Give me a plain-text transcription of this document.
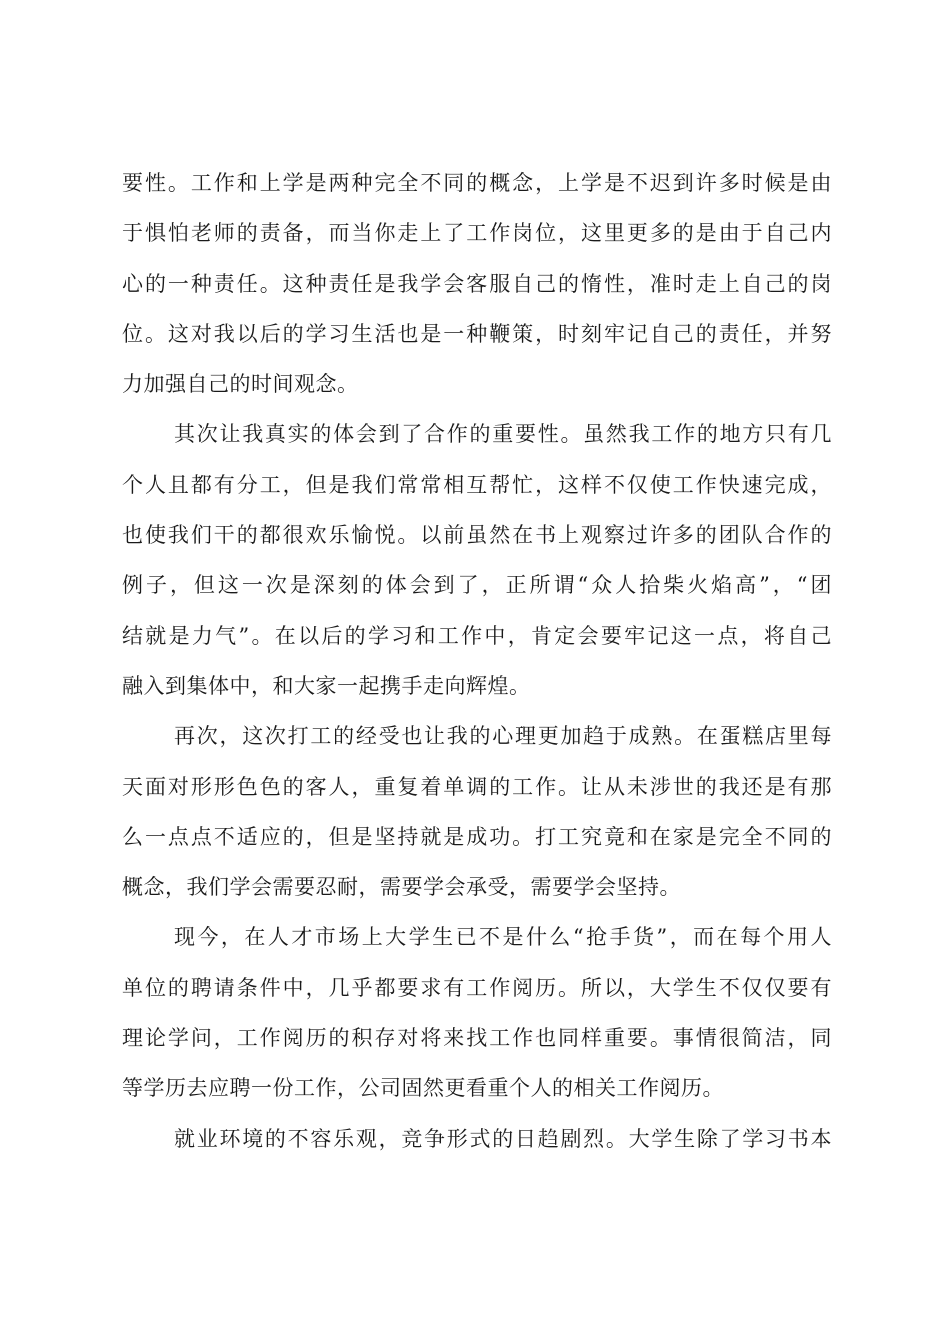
要性。工作和上学是两种完全不同的概念，上学是不迟到许多时候是由
于惧怕老师的责备，而当你走上了工作岗位，这里更多的是由于自己内
心的一种责任。这种责任是我学会客服自己的惰性，准时走上自己的岗
位。这对我以后的学习生活也是一种鞭策，时刻牢记自己的责任，并努
力加强自己的时间观念。
其次让我真实的体会到了合作的重要性。虽然我工作的地方只有几
个人且都有分工，但是我们常常相互帮忙，这样不仅使工作快速完成，
也使我们干的都很欢乐愉悦。以前虽然在书上观察过许多的团队合作的
例子，但这一次是深刻的体会到了，正所谓“众人拾柴火焰高”，“团
结就是力气”。在以后的学习和工作中，肯定会要牢记这一点，将自己
融入到集体中，和大家一起携手走向辉煌。
再次，这次打工的经受也让我的心理更加趋于成熟。在蛋糕店里每
天面对形形色色的客人，重复着单调的工作。让从未涉世的我还是有那
么一点点不适应的，但是坚持就是成功。打工究竟和在家是完全不同的
概念，我们学会需要忍耐，需要学会承受，需要学会坚持。
现今，在人才市场上大学生已不是什么“抢手货”，而在每个用人
单位的聘请条件中，几乎都要求有工作阅历。所以，大学生不仅仅要有
理论学问，工作阅历的积存对将来找工作也同样重要。事情很简洁，同
等学历去应聘一份工作，公司固然更看重个人的相关工作阅历。
就业环境的不容乐观，竞争形式的日趋剧烈。大学生除了学习书本
